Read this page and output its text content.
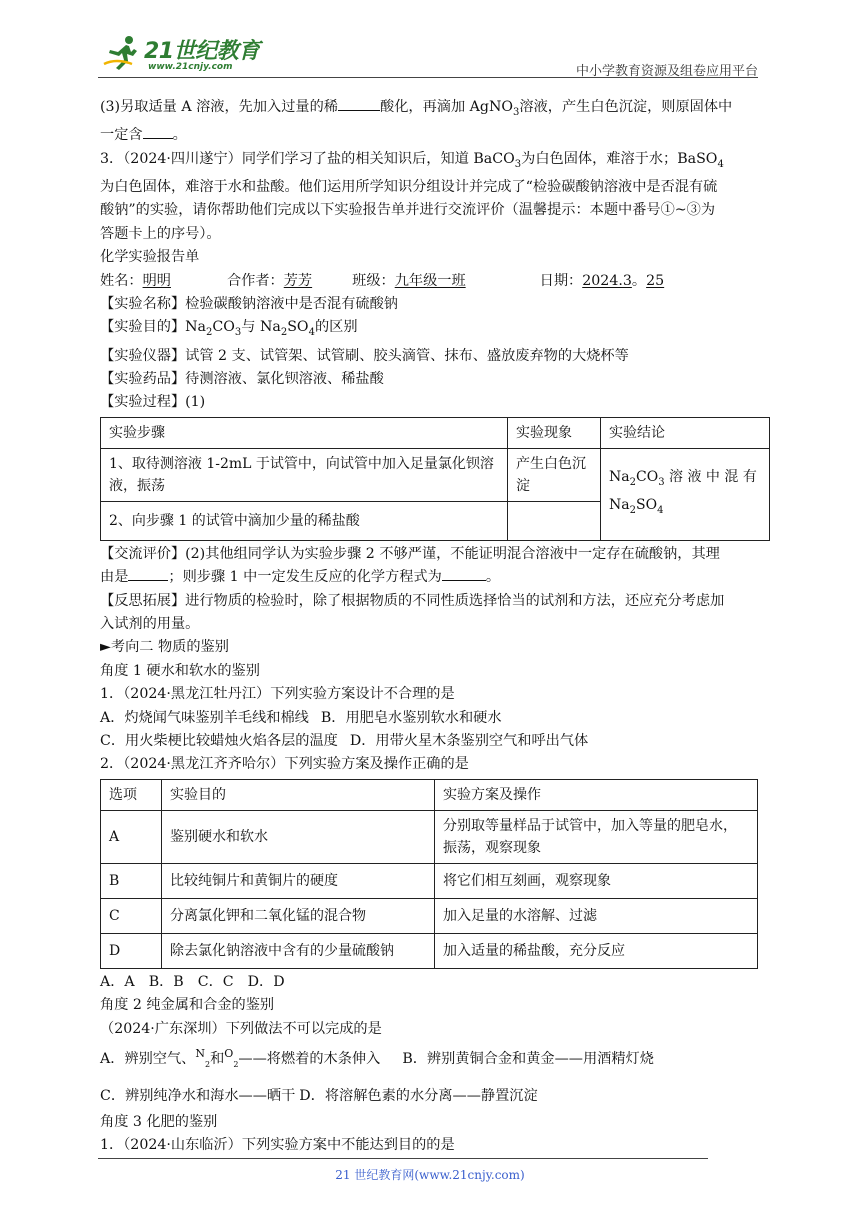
21世纪教育
www.21cnjy.com	中小学教育资源及组卷应用平台

(3)另取适量 A 溶液，先加入过量的稀	酸化，再滴加 AgNO$_3$溶液，产生白色沉淀，则原固体中

一定含 。

3．（2024·四川遂宁）同学们学习了盐的相关知识后，知道 BaCO$_3$为白色固体，难溶于水；BaSO$_4$

为白色固体，难溶于水和盐酸。他们运用所学知识分组设计并完成了“检验碳酸钠溶液中是否混有硫

酸钠”的实验，请你帮助他们完成以下实验报告单并进行交流评价（温馨提示：本题中番号①~③为

答题卡上的序号）。

化学实验报告单

姓名：明明	合作者：芳芳	班级：九年级一班	日期：2024.3。25

【实验名称】检验碳酸钠溶液中是否混有硫酸钠

【实验目的】$Na_2CO_3$与 $Na_2SO_4$的区别

【实验仪器】试管 2 支、试管架、试管刷、胶头滴管、抹布、盛放废弃物的大烧杯等

【实验药品】待测溶液、氯化钡溶液、稀盐酸

【实验过程】(1)

实验步骤	实验现象	实验结论
1、取待测溶液 1-2mL 于试管中，向试管中加入足量氯化钡溶液，振荡	产生白色沉淀	$Na_2CO_3$ 溶 液 中 混 有
$Na_2SO_4$
2、向步骤 1 的试管中滴加少量的稀盐酸		

【交流评价】(2)其他组同学认为实验步骤 2 不够严谨，不能证明混合溶液中一定存在硫酸钠，其理

由是	；则步骤 1 中一定发生反应的化学方程式为	。

【反思拓展】进行物质的检验时，除了根据物质的不同性质选择恰当的试剂和方法，还应充分考虑加

入试剂的用量。

►考向二 物质的鉴别

角度 1 硬水和软水的鉴别

1．（2024·黑龙江牡丹江）下列实验方案设计不合理的是

A．灼烧闻气味鉴别羊毛线和棉线 B．用肥皂水鉴别软水和硬水

C．用火柴梗比较蜡烛火焰各层的温度 D．用带火星木条鉴别空气和呼出气体

2．（2024·黑龙江齐齐哈尔）下列实验方案及操作正确的是

选项	实验目的	实验方案及操作
A	鉴别硬水和软水	分别取等量样品于试管中，加入等量的肥皂水，振荡，观察现象
B	比较纯铜片和黄铜片的硬度	将它们相互刻画，观察现象
C	分离氯化钾和二氧化锰的混合物	加入足量的水溶解、过滤
D	除去氯化钠溶液中含有的少量硫酸钠	加入适量的稀盐酸，充分反应

A．A B．B C．C D．D

角度 2 纯金属和合金的鉴别

（2024·广东深圳）下列做法不可以完成的是

A．辨别空气、$^N_2$和$^O_2$——将燃着的木条伸入 B．辨别黄铜合金和黄金——用酒精灯烧

C．辨别纯净水和海水——晒干 D．将溶解色素的水分离——静置沉淀

角度 3 化肥的鉴别

1．（2024·山东临沂）下列实验方案中不能达到目的的是

21 世纪教育网(www.21cnjy.com)
